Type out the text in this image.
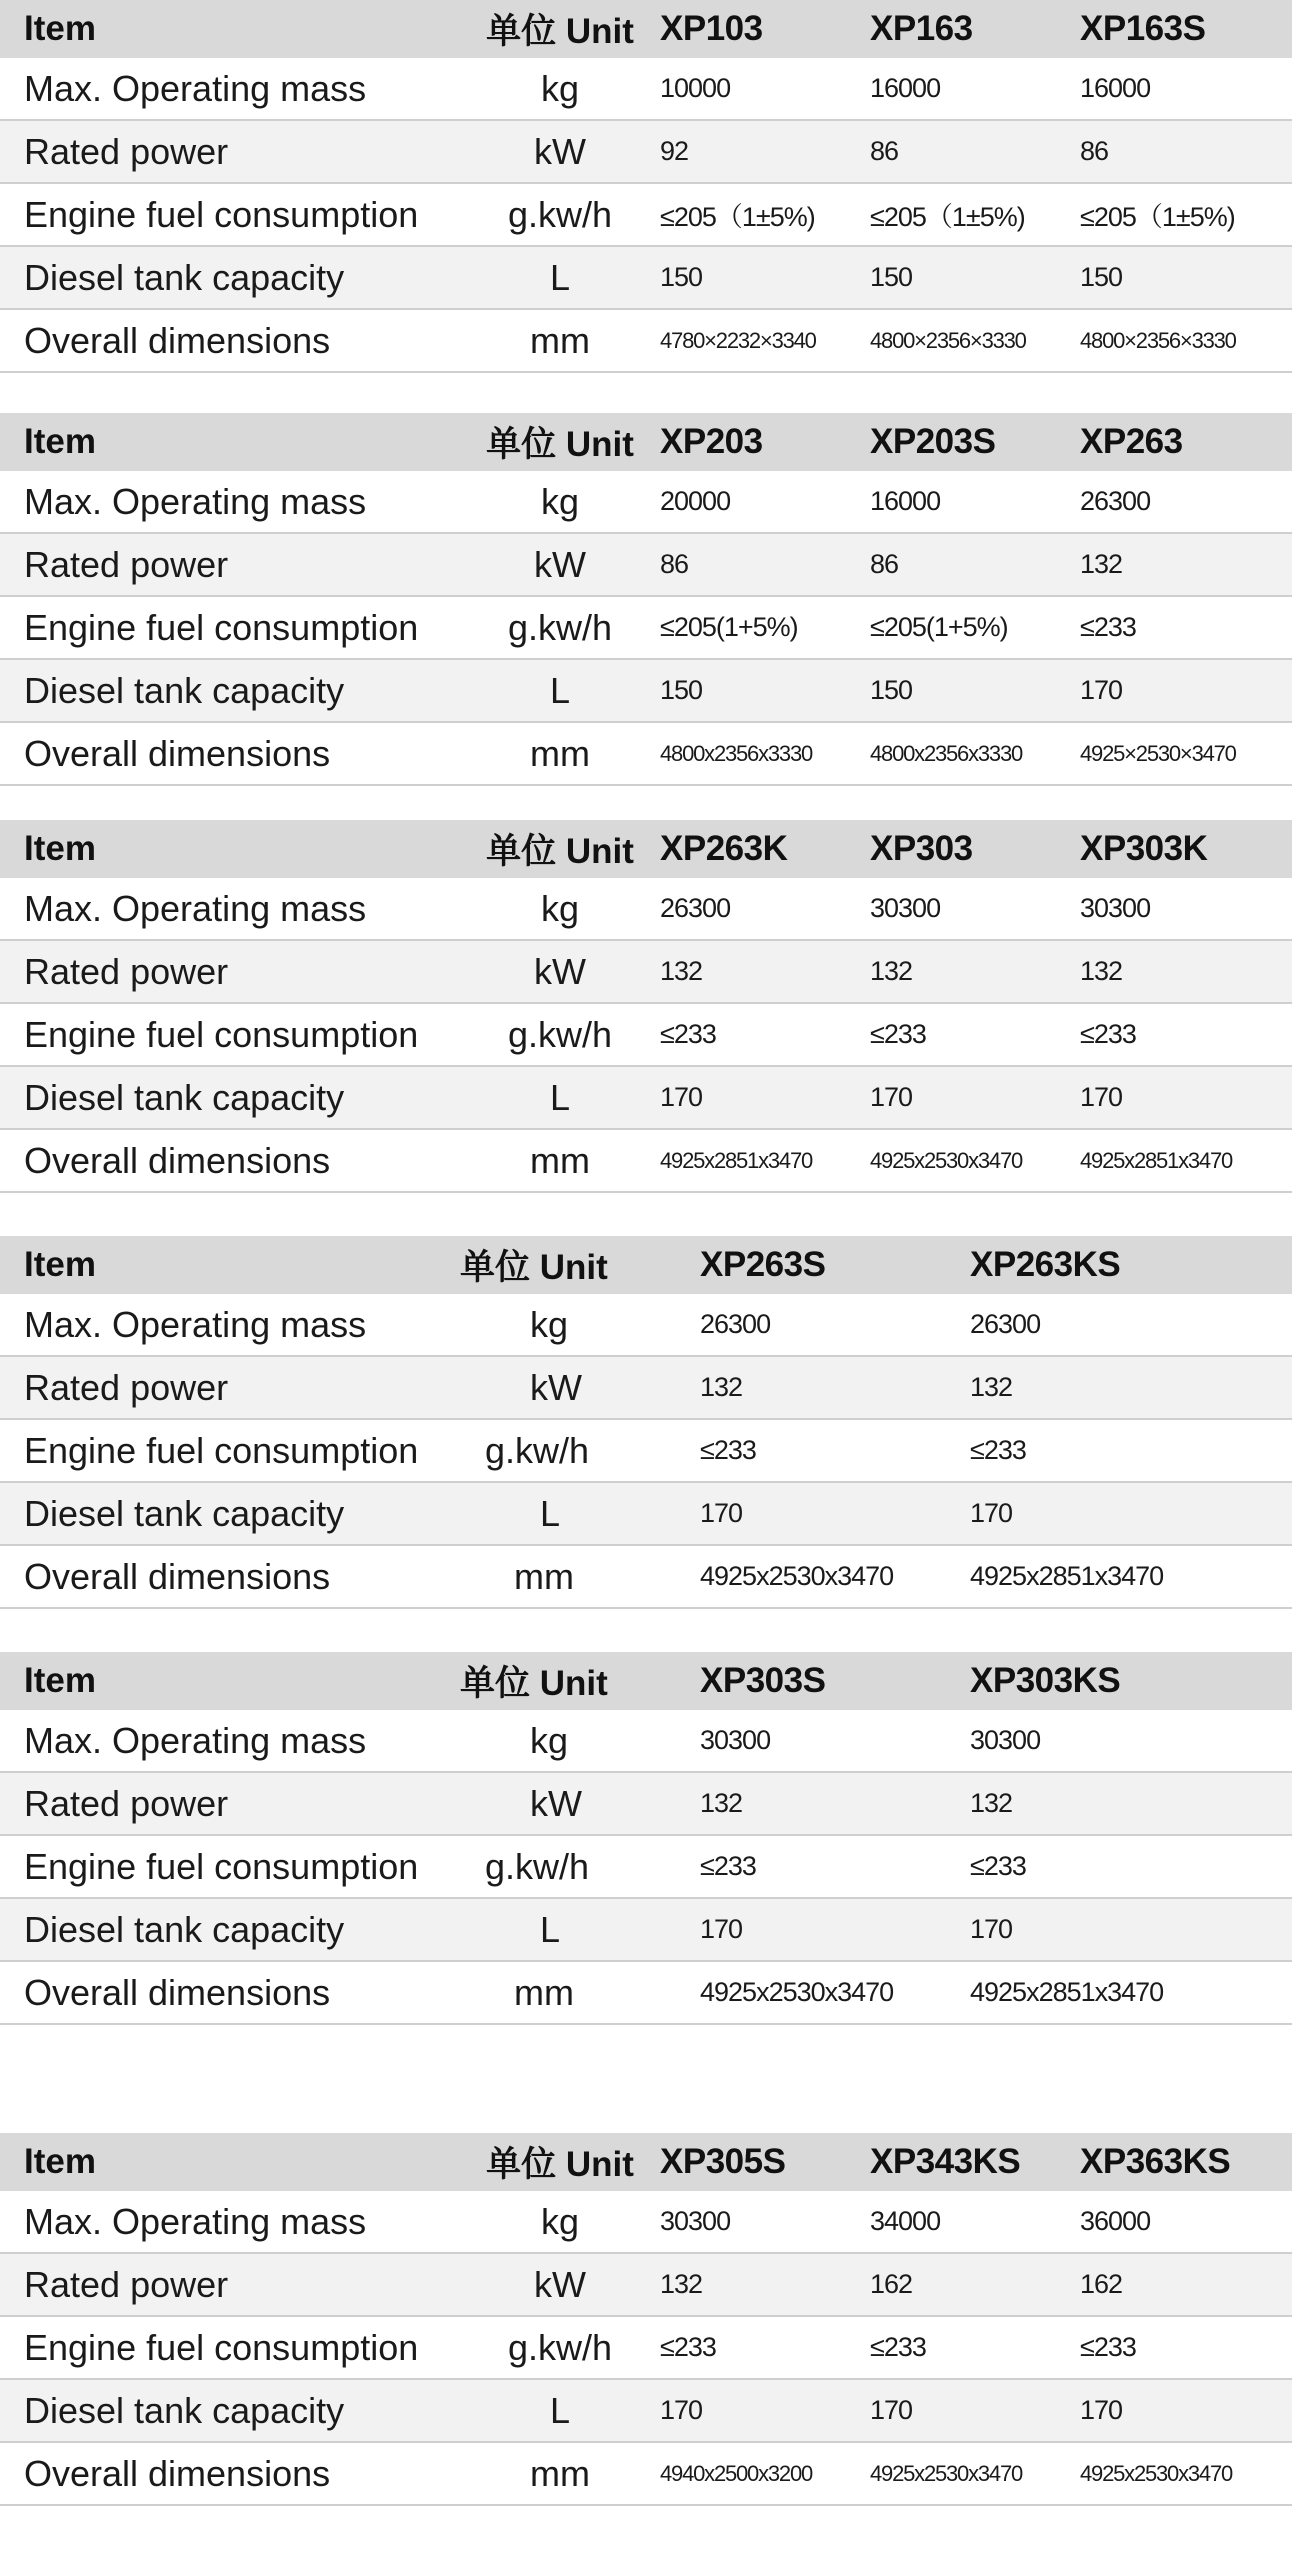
Item	单位 Unit	XP103	XP163	XP163S
Max. Operating mass	kg	10000	16000	16000
Rated power	kW	92	86	86
Engine fuel consumption	g.kw/h	≤205（1±5%)	≤205（1±5%)	≤205（1±5%)
Diesel tank capacity	L	150	150	150
Overall dimensions	mm	4780×2232×3340	4800×2356×3330	4800×2356×3330
Item	单位 Unit	XP203	XP203S	XP263
Max. Operating mass	kg	20000	16000	26300
Rated power	kW	86	86	132
Engine fuel consumption	g.kw/h	≤205(1+5%)	≤205(1+5%)	≤233
Diesel tank capacity	L	150	150	170
Overall dimensions	mm	4800x2356x3330	4800x2356x3330	4925×2530×3470
Item	单位 Unit	XP263K	XP303	XP303K
Max. Operating mass	kg	26300	30300	30300
Rated power	kW	132	132	132
Engine fuel consumption	g.kw/h	≤233	≤233	≤233
Diesel tank capacity	L	170	170	170
Overall dimensions	mm	4925x2851x3470	4925x2530x3470	4925x2851x3470
Item	单位 Unit	XP263S	XP263KS
Max. Operating mass	kg	26300	26300
Rated power	kW	132	132
Engine fuel consumption	g.kw/h	≤233	≤233
Diesel tank capacity	L	170	170
Overall dimensions	mm	4925x2530x3470	4925x2851x3470
Item	单位 Unit	XP303S	XP303KS
Max. Operating mass	kg	30300	30300
Rated power	kW	132	132
Engine fuel consumption	g.kw/h	≤233	≤233
Diesel tank capacity	L	170	170
Overall dimensions	mm	4925x2530x3470	4925x2851x3470
Item	单位 Unit	XP305S	XP343KS	XP363KS
Max. Operating mass	kg	30300	34000	36000
Rated power	kW	132	162	162
Engine fuel consumption	g.kw/h	≤233	≤233	≤233
Diesel tank capacity	L	170	170	170
Overall dimensions	mm	4940x2500x3200	4925x2530x3470	4925x2530x3470
